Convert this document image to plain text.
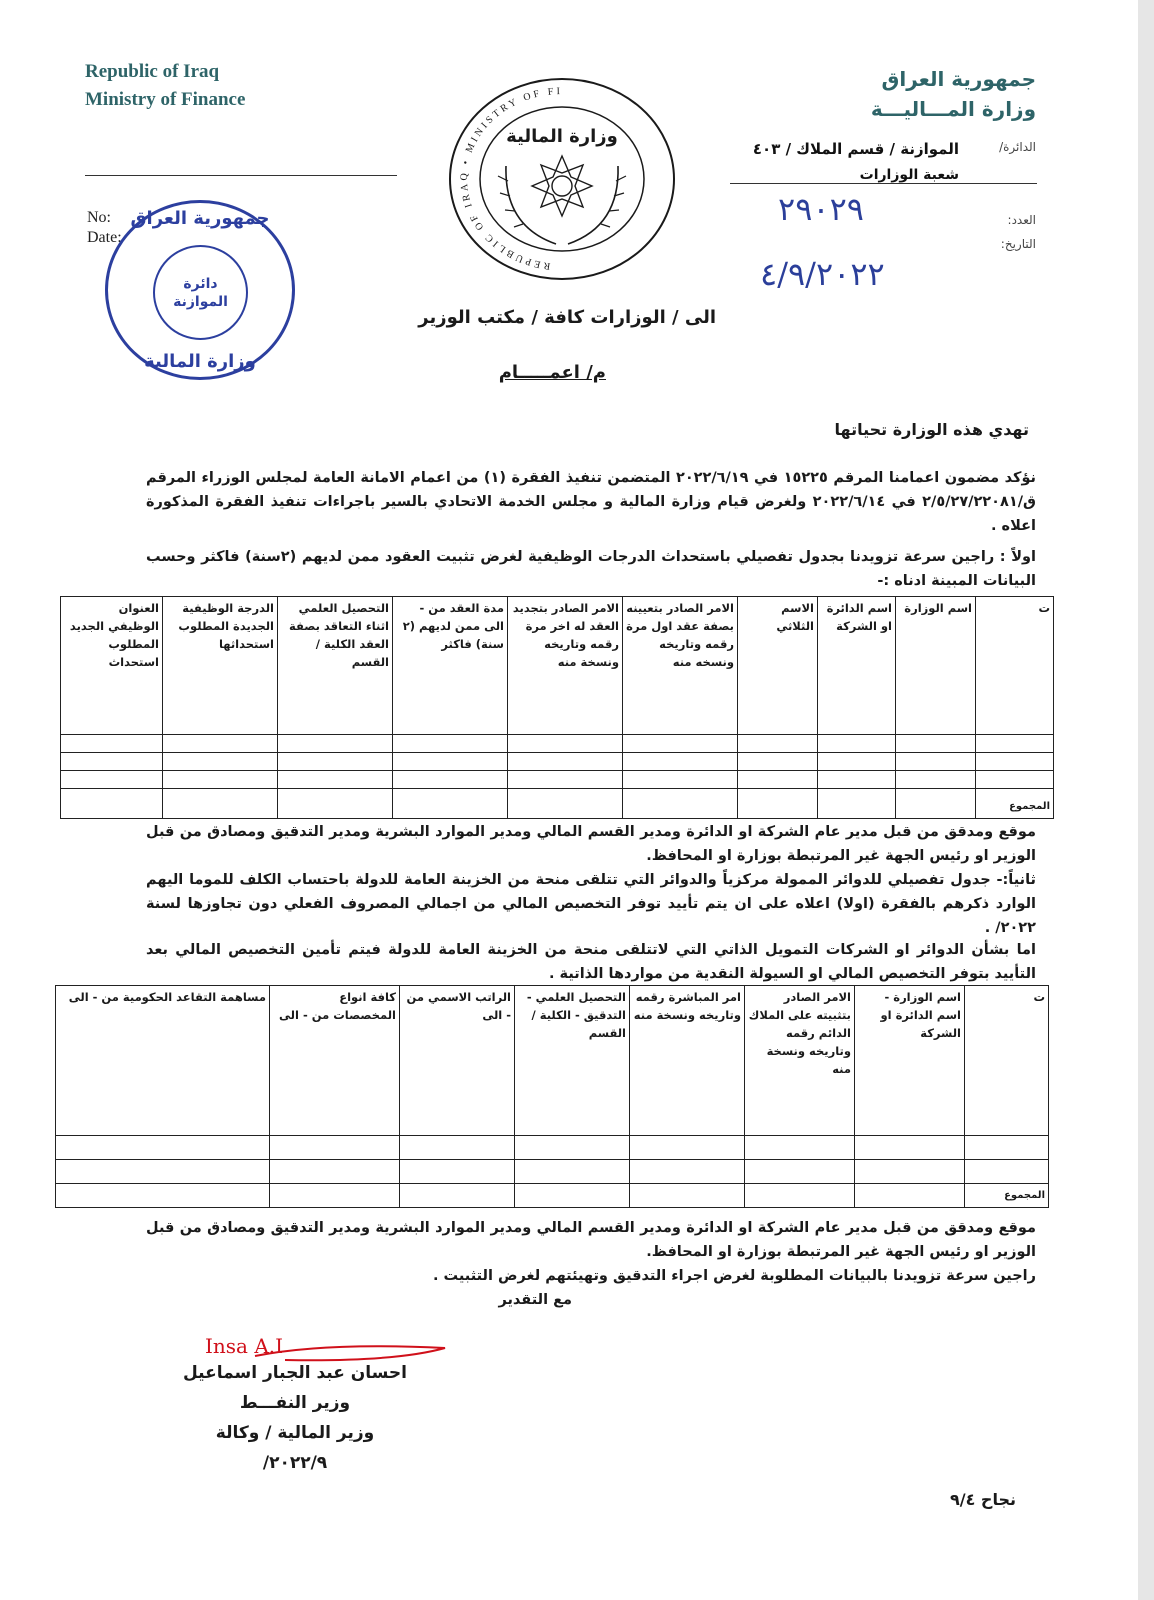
Republic of Iraq
Ministry of Finance
No:
Date:
جمهورية العراق
وزارة المـــاليـــة
الدائرة/
الموازنة / قسم الملاك / ٤٠٣
شعبة الوزارات
العدد:
التاريخ:
٢٩٠٢٩
٤/٩/٢٠٢٢
جمهورية العراق
دائرة
الموازنة
وزارة المالية
REPUBLIC OF IRAQ • MINISTRY OF FI
وزارة المالية
الى / الوزارات كافة / مكتب الوزير
م/ اعمـــــام
تهدي هذه الوزارة تحياتها
نؤكد مضمون اعمامنا المرقم ١٥٢٢٥ في ٢٠٢٢/٦/١٩ المتضمن تنفيذ الفقرة (١) من اعمام الامانة العامة لمجلس الوزراء المرقم ق/٢/٥/٢٧/٢٢٠٨١ في ٢٠٢٢/٦/١٤ ولغرض قيام وزارة المالية و مجلس الخدمة الاتحادي بالسير باجراءات تنفيذ الفقرة المذكورة اعلاه .
اولاً : راجين سرعة تزويدنا بجدول تفصيلي باستحداث الدرجات الوظيفية لغرض تثبيت العقود ممن لديهم (٢سنة) فاكثر وحسب البيانات المبينة ادناه :-
ت	اسم الوزارة	اسم الدائرة او الشركة	الاسم الثلاثي	الامر الصادر بتعيينه بصفة عقد اول مرة رقمه وتاريخه ونسخه منه	الامر الصادر بتجديد العقد له اخر مرة رقمه وتاريخه ونسخة منه	مدة العقد من - الى ممن لديهم (٢ سنة) فاكثر	التحصيل العلمي اثناء التعاقد بصفة العقد الكلية / القسم	الدرجة الوظيفية الجديدة المطلوب استحداثها	العنوان الوظيفي الجديد المطلوب استحداث

المجموع									
موقع ومدقق من قبل مدير عام الشركة او الدائرة ومدير القسم المالي ومدير الموارد البشرية ومدير التدقيق ومصادق من قبل الوزير او رئيس الجهة غير المرتبطة بوزارة او المحافظ.
ثانياً:- جدول تفصيلي للدوائر الممولة مركزياً والدوائر التي تتلقى منحة من الخزينة العامة للدولة باحتساب الكلف للموما اليهم الوارد ذكرهم بالفقرة (اولا) اعلاه على ان يتم تأييد توفر التخصيص المالي من اجمالي المصروف الفعلي دون تجاوزها لسنة ٢٠٢٢/ .
اما بشأن الدوائر او الشركات التمويل الذاتي التي لاتتلقى منحة من الخزينة العامة للدولة فيتم تأمين التخصيص المالي بعد التأييد بتوفر التخصيص المالي او السيولة النقدية من مواردها الذاتية .
ت	اسم الوزارة - اسم الدائرة او الشركة	الامر الصادر بتثبيته على الملاك الدائم رقمه وتاريخه ونسخة منه	امر المباشرة رقمه وتاريخه ونسخة منه	التحصيل العلمي - التدقيق - الكلية / القسم	الراتب الاسمي من - الى	كافة انواع المخصصات من - الى	مساهمة التقاعد الحكومية من - الى

المجموع							
موقع ومدقق من قبل مدير عام الشركة او الدائرة ومدير القسم المالي ومدير الموارد البشرية ومدير التدقيق ومصادق من قبل الوزير او رئيس الجهة غير المرتبطة بوزارة او المحافظ.
راجين سرعة تزويدنا بالبيانات المطلوبة لغرض اجراء التدقيق وتهيئتهم لغرض التثبيت .
مع التقدير
Insa A.I
احسان عبد الجبار اسماعيل
وزير النفـــط
وزير المالية / وكالة
٢٠٢٢/٩/
نجاح ٩/٤
